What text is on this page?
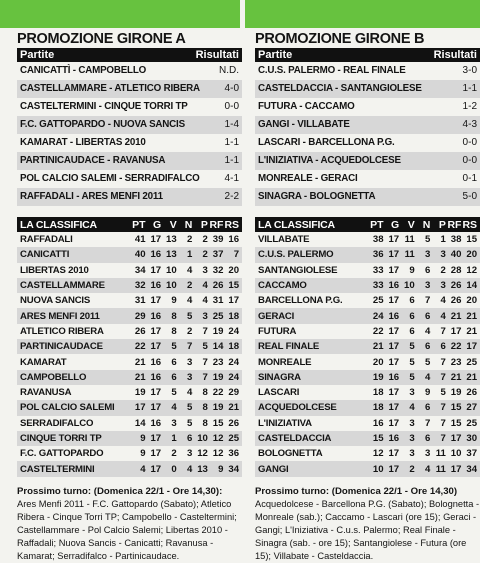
PROMOZIONE GIRONE A
Partite	Risultati
CANICATTÌ - CAMPOBELLO	N.D.
CASTELLAMMARE - ATLETICO RIBERA 4-0
CASTELTERMINI - CINQUE TORRI TP	0-0
F.C. GATTOPARDO - NUOVA SANCIS	1-4
KAMARAT - LIBERTAS 2010	1-1
PARTINICAUDACE - RAVANUSA	1-1
POL CALCIO SALEMI - SERRADIFALCO 4-1
RAFFADALI - ARES MENFI 2011	2-2
LA CLASSIFICA	PT G V N P RF RS
RAFFADALI	41 17 13	2	2 39 16
CANICATTI	40 16 13	1	2 37	7
LIBERTAS 2010	34 17 10	4	3 32 20
CASTELLAMMARE	32 16 10	2	4 26 15
NUOVA SANCIS	31 17	9	4	4 31 17
ARES MENFI 2011	29 16	8	5	3 25 18
ATLETICO RIBERA	26 17	8	2	7 19 24
PARTINICAUDACE	22 17	5	7	5 14 18
KAMARAT	21 16	6	3	7 23 24
CAMPOBELLO	21 16	6	3	7 19 24
RAVANUSA	19 17	5	4	8 22 29
POL CALCIO SALEMI	17 17	4	5	8 19 21
SERRADIFALCO	14 16	3	5	8 15 26
CINQUE TORRI TP	9 17	1	6 10 12 25
F.C. GATTOPARDO	9 17	2	3 12 12 36
CASTELTERMINI	4 17	0	4 13	9 34
Prossimo turno: (Domenica 22/1 - Ore 14,30):
Ares Menfi 2011 - F.C. Gattopardo (Sabato); Atletico Ribera - Cinque Torri TP; Campobello - Casteltermini; Castellammare - Pol Calcio Salemi; Libertas 2010 - Raffadali; Nuova Sancis - Canicatti; Ravanusa - Kamarat; Serradifalco - Partinicaudace.
PROMOZIONE GIRONE B
Partite	Risultati
C.U.S. PALERMO - REAL FINALE	3-0
CASTELDACCIA - SANTANGIOLESE	1-1
FUTURA - CACCAMO	1-2
GANGI - VILLABATE	4-3
LASCARI - BARCELLONA P.G.	0-0
L'INIZIATIVA - ACQUEDOLCESE	0-0
MONREALE - GERACI	0-1
SINAGRA - BOLOGNETTA	5-0
LA CLASSIFICA	PT G V N P RF RS
VILLABATE	38 17 11	5	1 38 15
C.U.S. PALERMO	36 17 11	3	3 40 20
SANTANGIOLESE	33 17	9	6	2 28 12
CACCAMO	33 16 10	3	3 26 14
BARCELLONA P.G.	25 17	6	7	4 26 20
GERACI	24 16	6	6	4 21 21
FUTURA	22 17	6	4	7 17 21
REAL FINALE	21 17	5	6	6 22 17
MONREALE	20 17	5	5	7 23 25
SINAGRA	19 16	5	4	7 21 21
LASCARI	18 17	3	9	5 19 26
ACQUEDOLCESE	18 17	4	6	7 15 27
L'INIZIATIVA	16 17	3	7	7 15 25
CASTELDACCIA	15 16	3	6	7 17 30
BOLOGNETTA	12 17	3	3 11 10 37
GANGI	10 17	2	4 11 17 34
Prossimo turno: (Domenica 22/1 - Ore 14,30)
Acquedolcese - Barcellona P.G. (Sabato); Bolognetta - Monreale (sab.); Caccamo - Lascari (ore 15); Geraci - Gangi; L'Iniziativa - C.u.s. Palermo; Real Finale - Sinagra (sab. - ore 15); Santangiolese - Futura (ore 15); Villabate - Casteldaccia.
